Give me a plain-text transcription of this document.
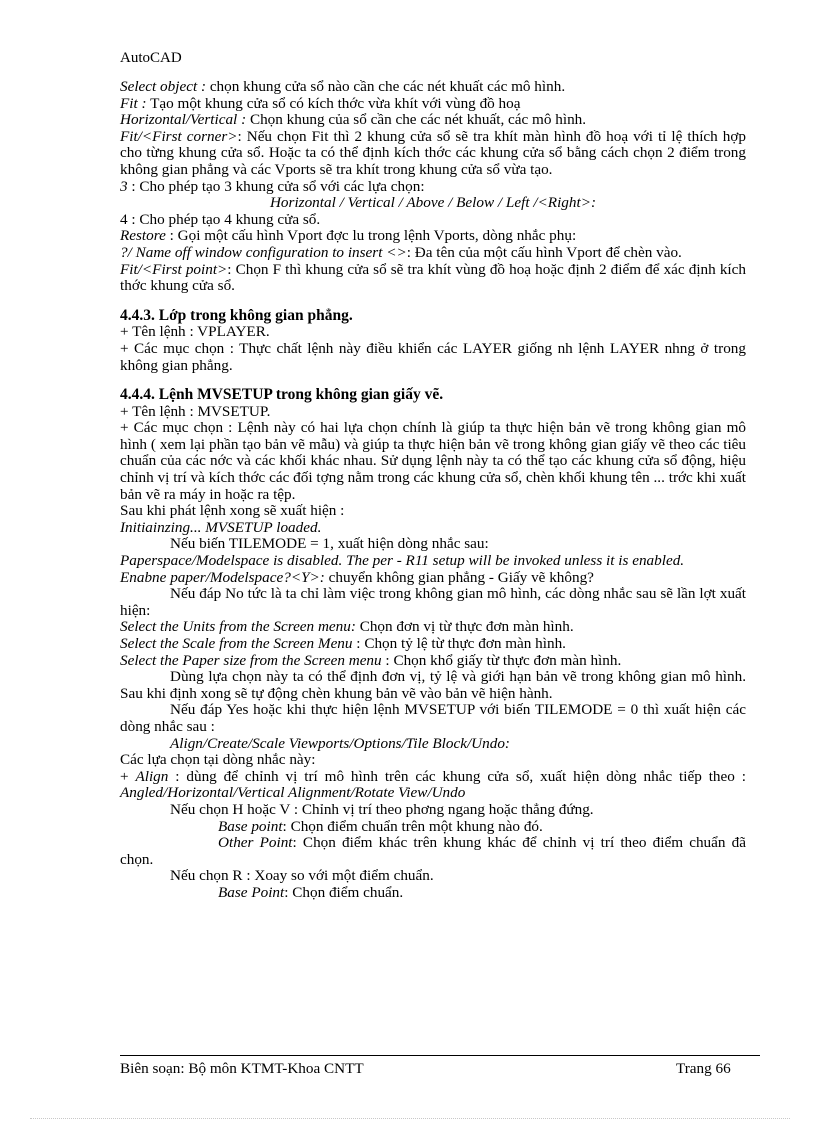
AutoCAD

Select object : chọn khung cửa sổ nào cần che các nét khuất các mô hình.

Fit : Tạo một khung cửa sổ có kích thớc vừa khít với vùng đồ hoạ

Horizontal/Vertical : Chọn khung của sổ cần che các nét khuất, các mô hình.

Fit/<First corner>: Nếu chọn Fit thì 2 khung cửa sổ sẽ tra khít màn hình đồ hoạ với tỉ lệ thích hợp cho từng khung cửa sổ. Hoặc ta có thể định kích thớc các khung cửa sổ bằng cách chọn 2 điểm trong không gian phẳng và các Vports sẽ tra khít trong khung cửa sổ vừa tạo.

3 : Cho phép tạo 3 khung cửa sổ với các lựa chọn:

Horizontal / Vertical / Above / Below / Left /<Right>:

4 : Cho phép tạo 4 khung cửa sổ.

Restore : Gọi một cấu hình Vport đợc lu trong lệnh Vports, dòng nhắc phụ:

?/ Name off window configuration to insert <>: Đa tên của một cấu hình Vport để chèn vào.

Fit/<First point>: Chọn F thì khung cửa sổ sẽ tra khít vùng đồ hoạ hoặc định 2 điểm để xác định kích thớc khung cửa sổ.

4.4.3. Lớp trong không gian phẳng.

+ Tên lệnh : VPLAYER.

+ Các mục chọn : Thực chất lệnh này điều khiển các LAYER giống nh lệnh LAYER nhng ở trong không gian phẳng.

4.4.4. Lệnh MVSETUP trong không gian giấy vẽ.

+ Tên lệnh : MVSETUP.

+ Các mục chọn : Lệnh này có hai lựa chọn chính là giúp ta thực hiện bản vẽ trong không gian mô hình ( xem lại phần tạo bản vẽ mẫu) và giúp ta thực hiện bản vẽ trong không gian giấy vẽ theo các tiêu chuẩn của các nớc và các khối khác nhau. Sử dụng lệnh này ta có thể tạo các khung cửa sổ động, hiệu chỉnh vị trí và kích thớc các đối tợng nằm trong các khung cửa sổ, chèn khối khung tên ... trớc khi xuất bản vẽ ra máy in hoặc ra tệp.

Sau khi phát lệnh xong sẽ xuất hiện :

Initiainzing... MVSETUP loaded.

Nếu biến TILEMODE = 1, xuất hiện dòng nhắc sau:

Paperspace/Modelspace is disabled. The per - R11 setup will be invoked unless it is enabled.

Enabne paper/Modelspace?<Y>: chuyển không gian phẳng - Giấy vẽ không?

Nếu đáp No tức là ta chỉ làm việc trong không gian mô hình, các dòng nhắc sau sẽ lần lợt xuất hiện:

Select the Units from the Screen menu: Chọn đơn vị từ thực đơn màn hình.

Select the Scale from the Screen Menu : Chọn tỷ lệ từ thực đơn màn hình.

Select the Paper size from the Screen menu : Chọn khổ giấy từ thực đơn màn hình.

Dùng lựa chọn này ta có thể định đơn vị, tỷ lệ và giới hạn bản vẽ trong không gian mô hình. Sau khi định xong sẽ tự động chèn khung bản vẽ vào bản vẽ hiện hành.

Nếu đáp Yes hoặc khi thực hiện lệnh MVSETUP với biến TILEMODE = 0 thì xuất hiện các dòng nhắc sau :

Align/Create/Scale Viewports/Options/Tile Block/Undo:

Các lựa chọn tại dòng nhắc này:

+ Align : dùng để chỉnh vị trí mô hình trên các khung cửa sổ, xuất hiện dòng nhắc tiếp theo : Angled/Horizontal/Vertical Alignment/Rotate View/Undo

Nếu chọn H hoặc V : Chỉnh vị trí theo phơng ngang hoặc thẳng đứng.

Base point: Chọn điểm chuẩn trên một khung nào đó.

Other Point: Chọn điểm khác trên khung khác để chỉnh vị trí theo điểm chuẩn đã chọn.

Nếu chọn R : Xoay so với một điểm chuẩn.

Base Point: Chọn điểm chuẩn.

Biên soạn: Bộ môn KTMT-Khoa CNTT	Trang 66
